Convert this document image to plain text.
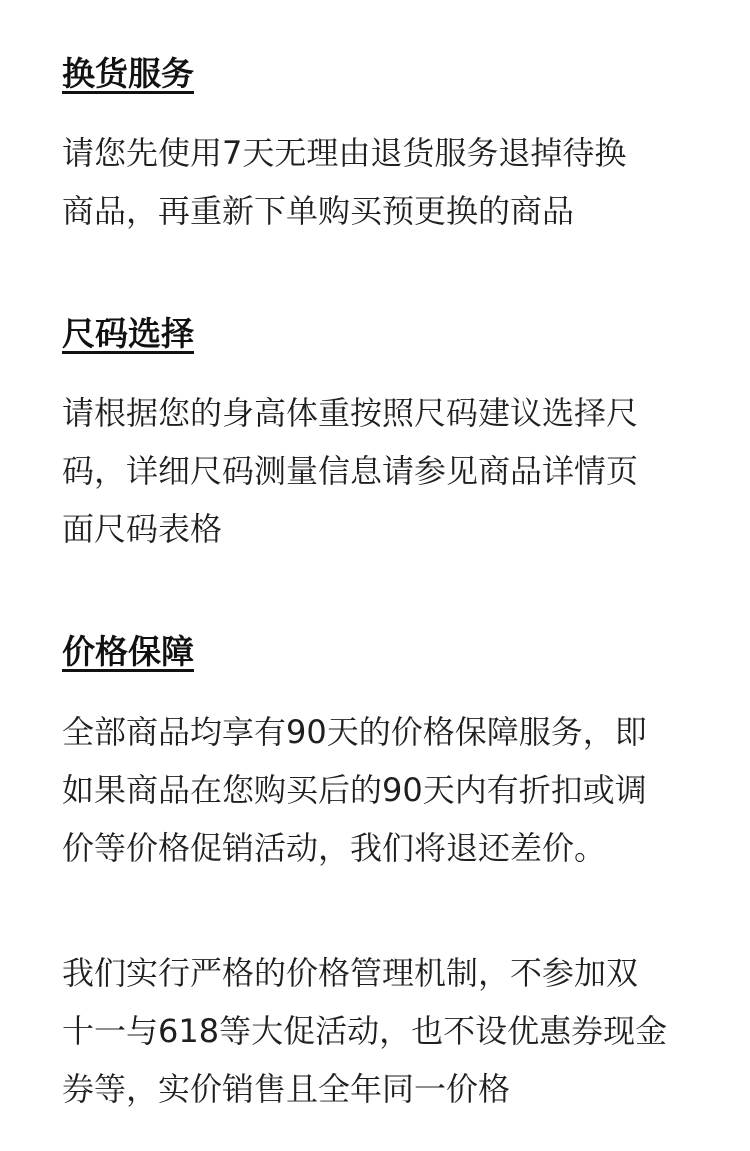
换货服务

请您先使用7天无理由退货服务退掉待换
商品，再重新下单购买预更换的商品

尺码选择

请根据您的身高体重按照尺码建议选择尺
码，详细尺码测量信息请参见商品详情页
面尺码表格

价格保障

全部商品均享有90天的价格保障服务，即
如果商品在您购买后的90天内有折扣或调
价等价格促销活动，我们将退还差价。

我们实行严格的价格管理机制，不参加双
十一与618等大促活动，也不设优惠券现金
券等，实价销售且全年同一价格
